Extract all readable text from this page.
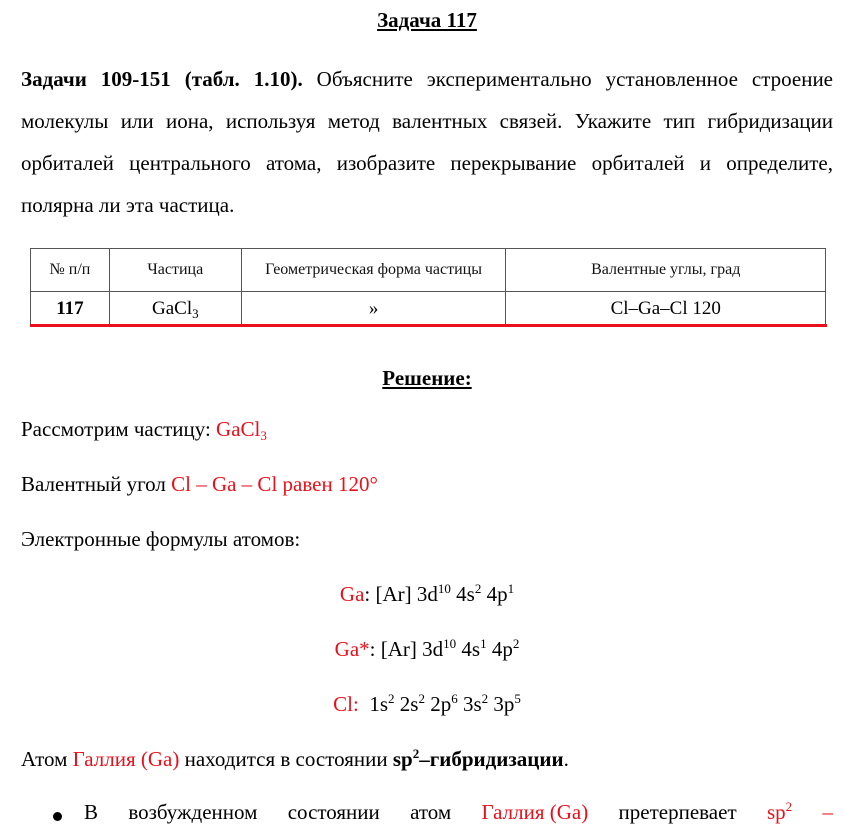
Задача 117
Задачи 109-151 (табл. 1.10). Объясните экспериментально установленное строение молекулы или иона, используя метод валентных связей. Укажите тип гибридизации орбиталей центрального атома, изобразите перекрывание орбиталей и определите, полярна ли эта частица.
№ п/п	Частица	Геометрическая форма частицы	Валентные углы, град
117	GaCl$_3$	»	Cl–Ga–Cl 120
Решение:
Рассмотрим частицу: GaCl$_3$
Валентный угол Cl – Ga – Cl равен 120°
Электронные формулы атомов:
Ga: [Ar] $3d^{10}$ $4s^2$ $4p^1$
Ga*: [Ar] $3d^{10}$ $4s^1$ $4p^2$
Cl:  $1s^2$ $2s^2$ $2p^6$ $3s^2$ $3p^5$
Атом Галлия (Ga) находится в состоянии $sp^2$–гибридизации.
В возбужденном состоянии атом Галлия (Ga) претерпевает $sp^2$ –
